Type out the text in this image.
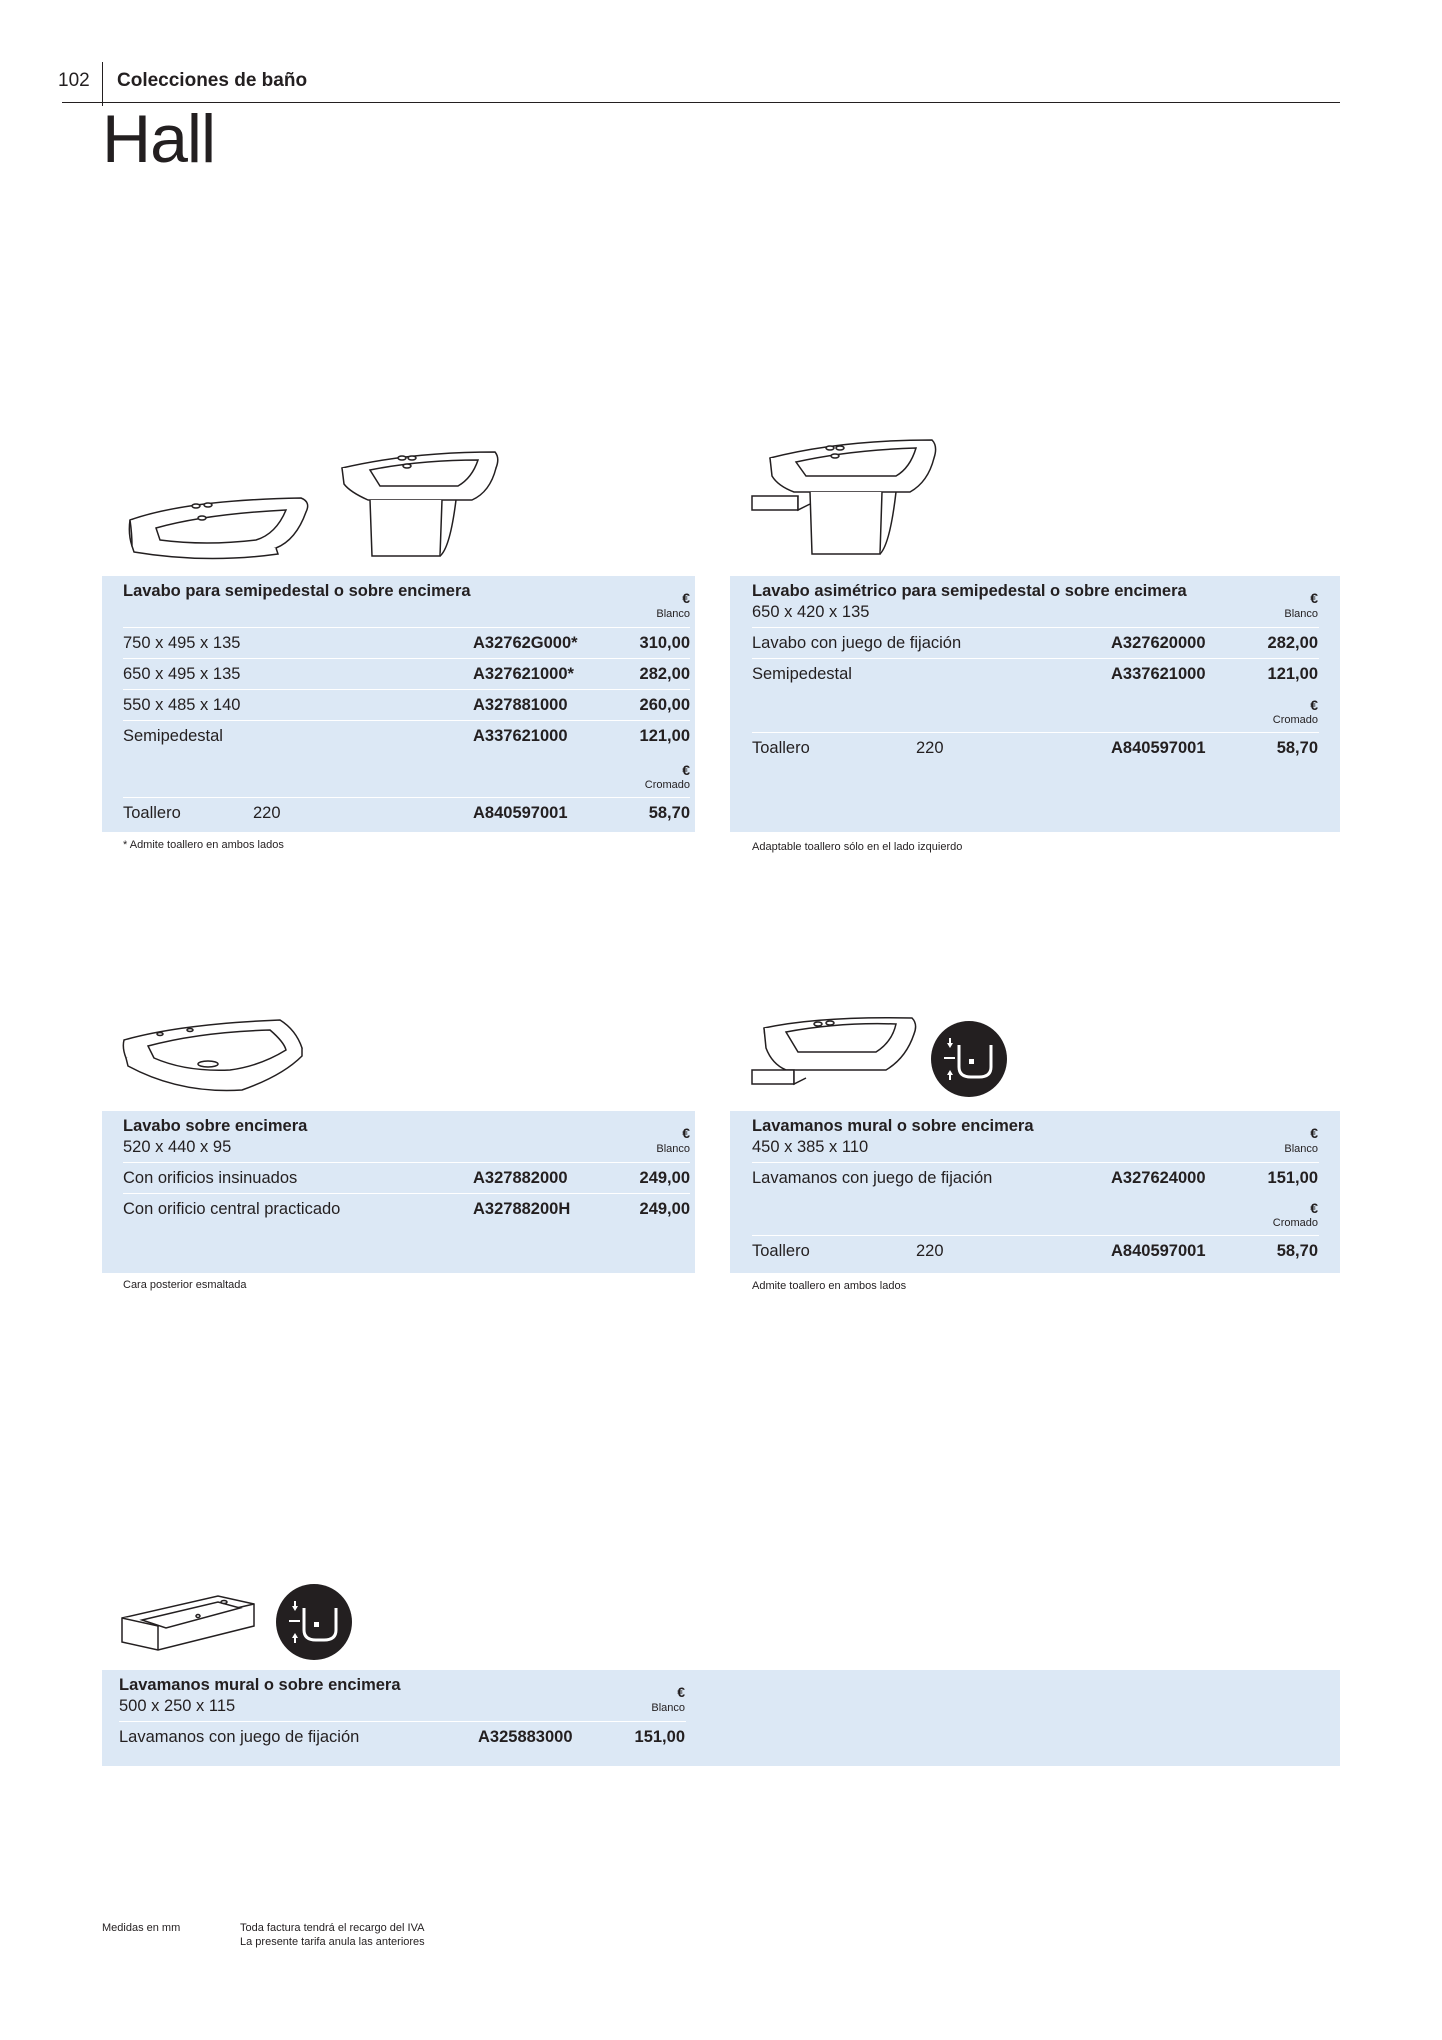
102 Colecciones de baño
Hall
Lavabo para semipedestal o sobre encimera	€
Blanco
750 x 495 x 135	A32762G000*	310,00
650 x 495 x 135	A327621000*	282,00
550 x 485 x 140	A327881000	260,00
Semipedestal	A337621000	121,00
€
Cromado
Toallero	220	A840597001	58,70
* Admite toallero en ambos lados
Lavabo asimétrico para semipedestal o sobre encimera
650 x 420 x 135
€
Blanco
Lavabo con juego de fijación	A327620000	282,00
Semipedestal	A337621000	121,00
€
Cromado
Toallero	220	A840597001	58,70
Adaptable toallero sólo en el lado izquierdo
Lavabo sobre encimera
520 x 440 x 95
€
Blanco
Con orificios insinuados	A327882000	249,00
Con orificio central practicado	A32788200H	249,00
Cara posterior esmaltada
Lavamanos mural o sobre encimera
450 x 385 x 110
€
Blanco
Lavamanos con juego de fijación	A327624000	151,00
€
Cromado
Toallero	220	A840597001	58,70
Admite toallero en ambos lados
Lavamanos mural o sobre encimera
500 x 250 x 115
€
Blanco
Lavamanos con juego de fijación	A325883000	151,00
Medidas en mm	Toda factura tendrá el recargo del IVA
La presente tarifa anula las anteriores
